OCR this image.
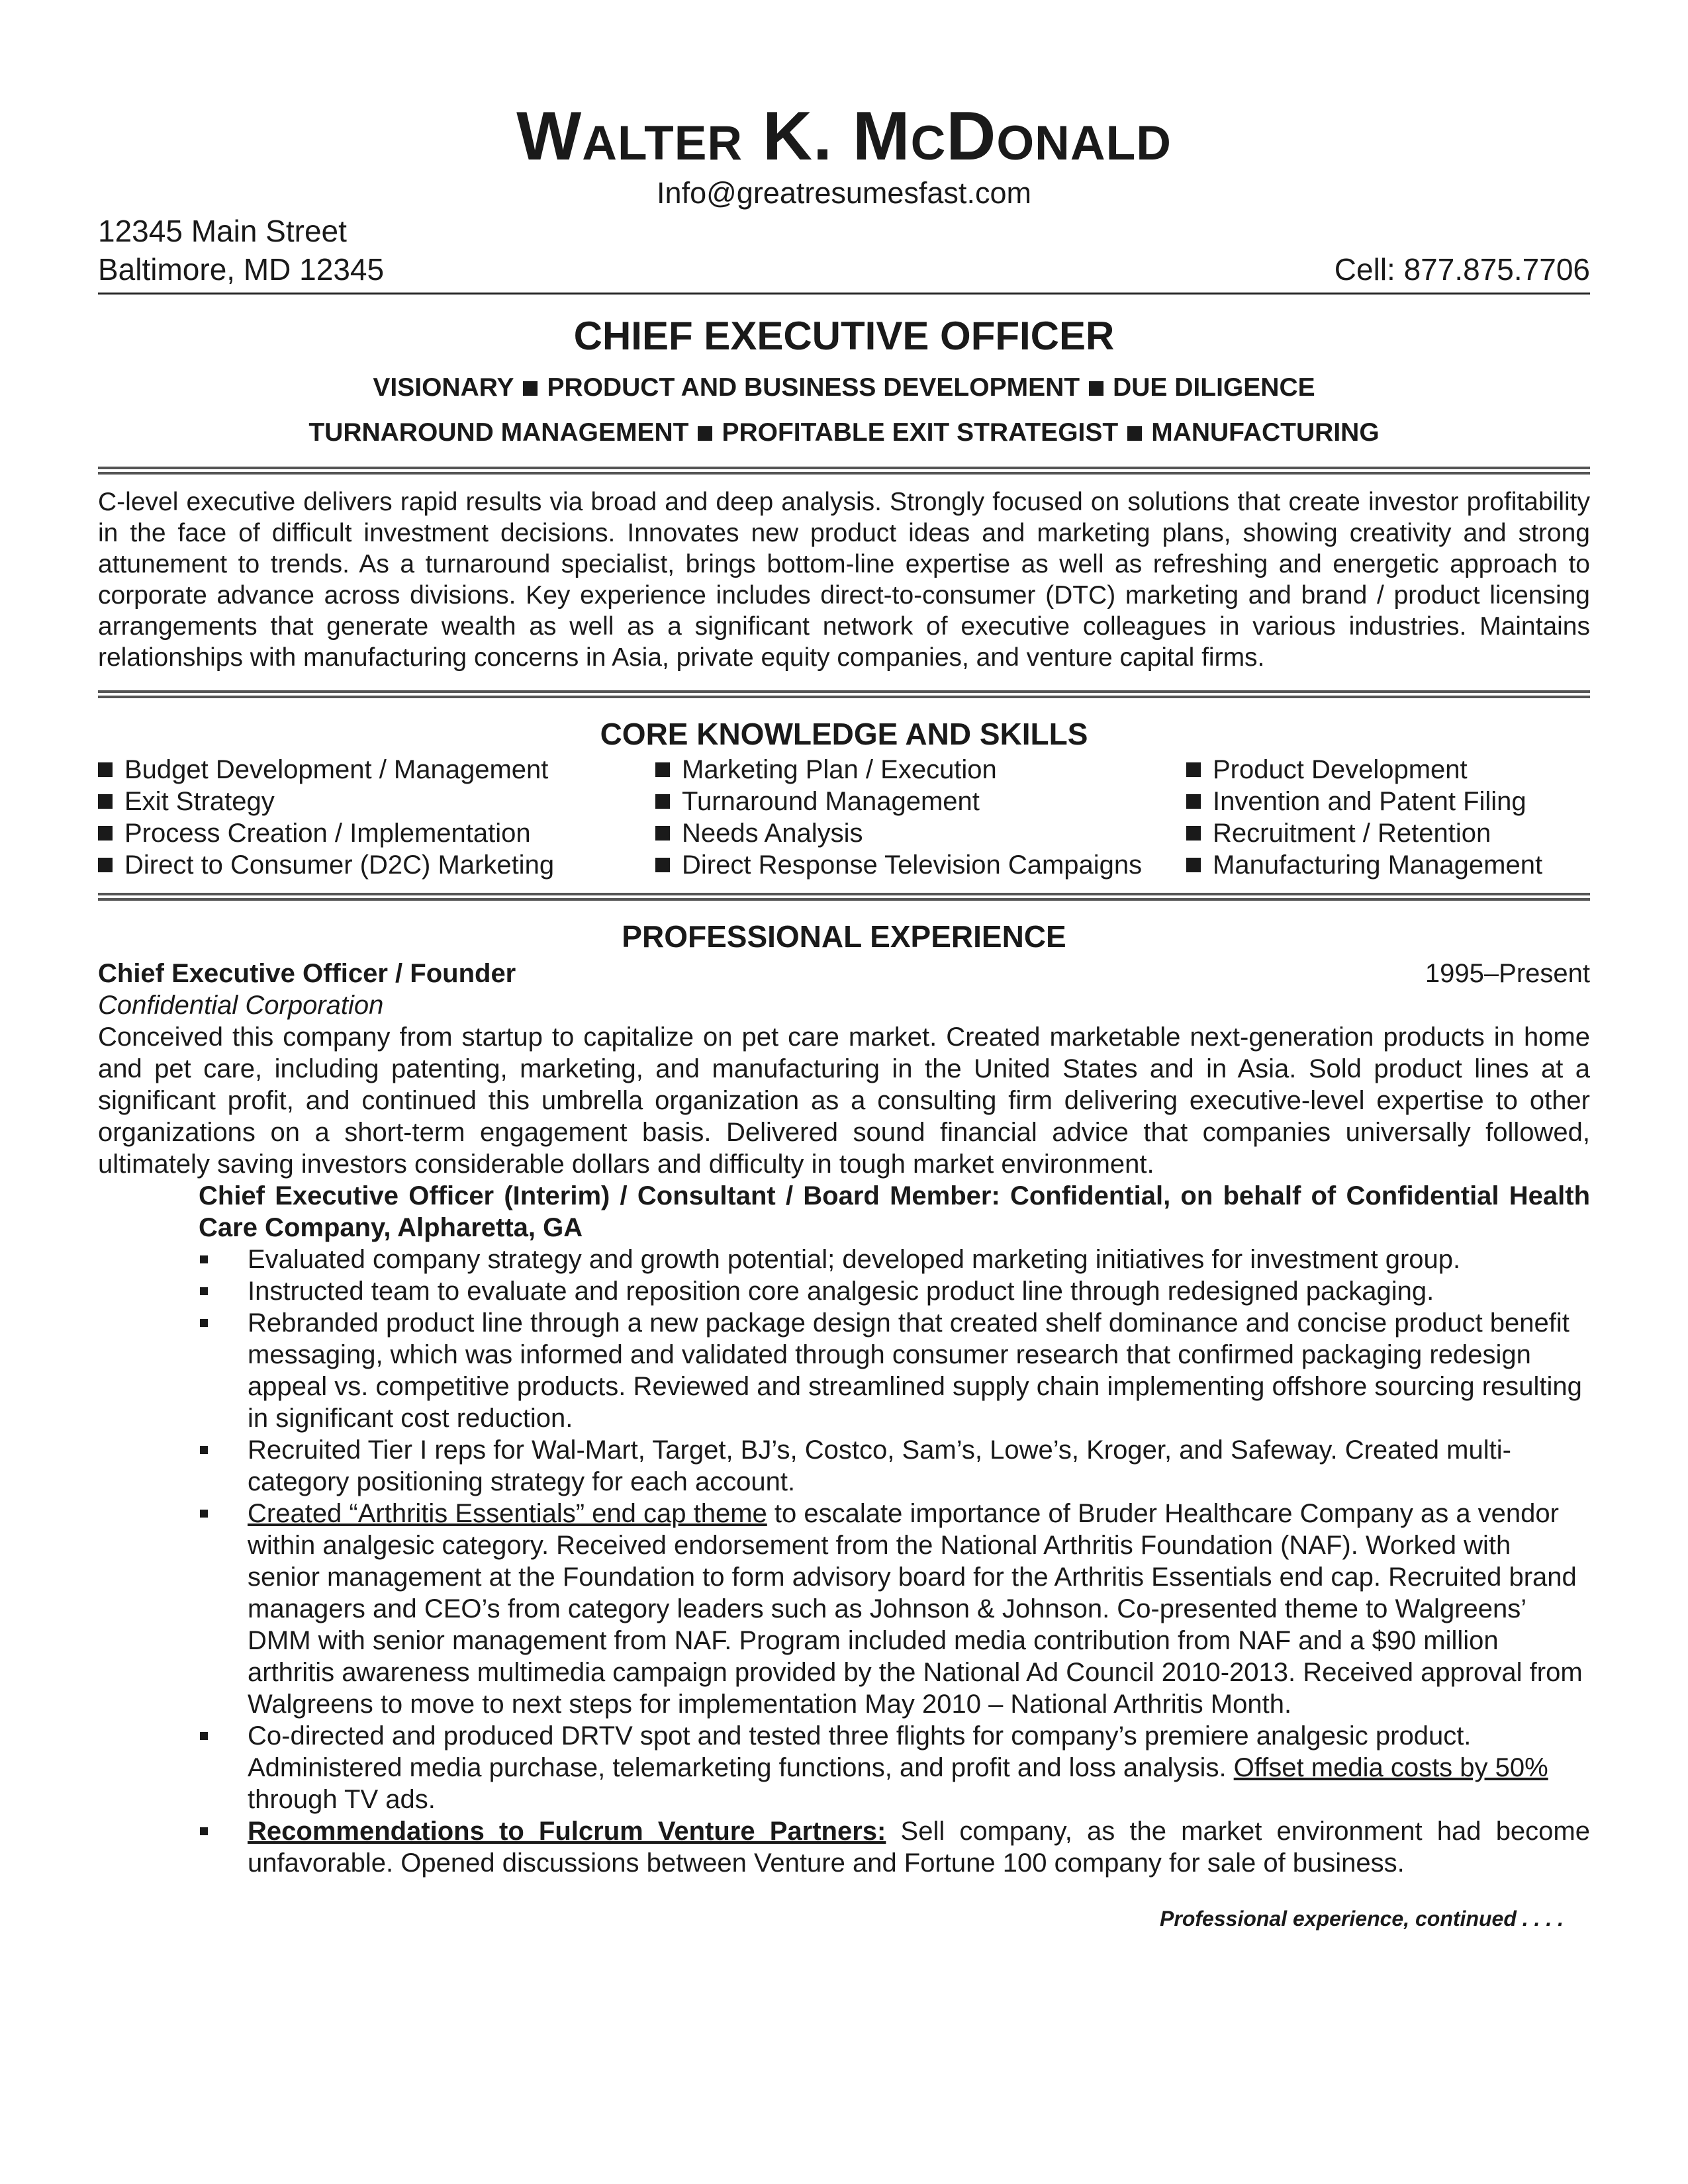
Walter K. McDonald
Info@greatresumesfast.com
12345 Main Street
Baltimore, MD 12345	Cell: 877.875.7706
CHIEF EXECUTIVE OFFICER
VISIONARY PRODUCT AND BUSINESS DEVELOPMENT DUE DILIGENCE
TURNAROUND MANAGEMENT PROFITABLE EXIT STRATEGIST MANUFACTURING
C-level executive delivers rapid results via broad and deep analysis. Strongly focused on solutions that create investor profitability in the face of difficult investment decisions. Innovates new product ideas and marketing plans, showing creativity and strong attunement to trends. As a turnaround specialist, brings bottom-line expertise as well as refreshing and energetic approach to corporate advance across divisions. Key experience includes direct-to-consumer (DTC) marketing and brand / product licensing arrangements that generate wealth as well as a significant network of executive colleagues in various industries. Maintains relationships with manufacturing concerns in Asia, private equity companies, and venture capital firms.
CORE KNOWLEDGE AND SKILLS
Budget Development / Management	Marketing Plan / Execution	Product Development
Exit Strategy	Turnaround Management	Invention and Patent Filing
Process Creation / Implementation	Needs Analysis	Recruitment / Retention
Direct to Consumer (D2C) Marketing	Direct Response Television Campaigns	Manufacturing Management
PROFESSIONAL EXPERIENCE
Chief Executive Officer / Founder	1995–Present
Confidential Corporation
Conceived this company from startup to capitalize on pet care market. Created marketable next-generation products in home and pet care, including patenting, marketing, and manufacturing in the United States and in Asia. Sold product lines at a significant profit, and continued this umbrella organization as a consulting firm delivering executive-level expertise to other organizations on a short-term engagement basis. Delivered sound financial advice that companies universally followed, ultimately saving investors considerable dollars and difficulty in tough market environment.
Chief Executive Officer (Interim) / Consultant / Board Member: Confidential, on behalf of Confidential Health Care Company, Alpharetta, GA
Evaluated company strategy and growth potential; developed marketing initiatives for investment group.
Instructed team to evaluate and reposition core analgesic product line through redesigned packaging.
Rebranded product line through a new package design that created shelf dominance and concise product benefit messaging, which was informed and validated through consumer research that confirmed packaging redesign appeal vs. competitive products. Reviewed and streamlined supply chain implementing offshore sourcing resulting in significant cost reduction.
Recruited Tier I reps for Wal-Mart, Target, BJ’s, Costco, Sam’s, Lowe’s, Kroger, and Safeway. Created multi-category positioning strategy for each account.
Created “Arthritis Essentials” end cap theme to escalate importance of Bruder Healthcare Company as a vendor within analgesic category. Received endorsement from the National Arthritis Foundation (NAF). Worked with senior management at the Foundation to form advisory board for the Arthritis Essentials end cap. Recruited brand managers and CEO’s from category leaders such as Johnson & Johnson. Co-presented theme to Walgreens’ DMM with senior management from NAF. Program included media contribution from NAF and a $90 million arthritis awareness multimedia campaign provided by the National Ad Council 2010-2013. Received approval from Walgreens to move to next steps for implementation May 2010 – National Arthritis Month.
Co-directed and produced DRTV spot and tested three flights for company’s premiere analgesic product. Administered media purchase, telemarketing functions, and profit and loss analysis. Offset media costs by 50% through TV ads.
Recommendations to Fulcrum Venture Partners: Sell company, as the market environment had become unfavorable. Opened discussions between Venture and Fortune 100 company for sale of business.
Professional experience, continued . . . .
